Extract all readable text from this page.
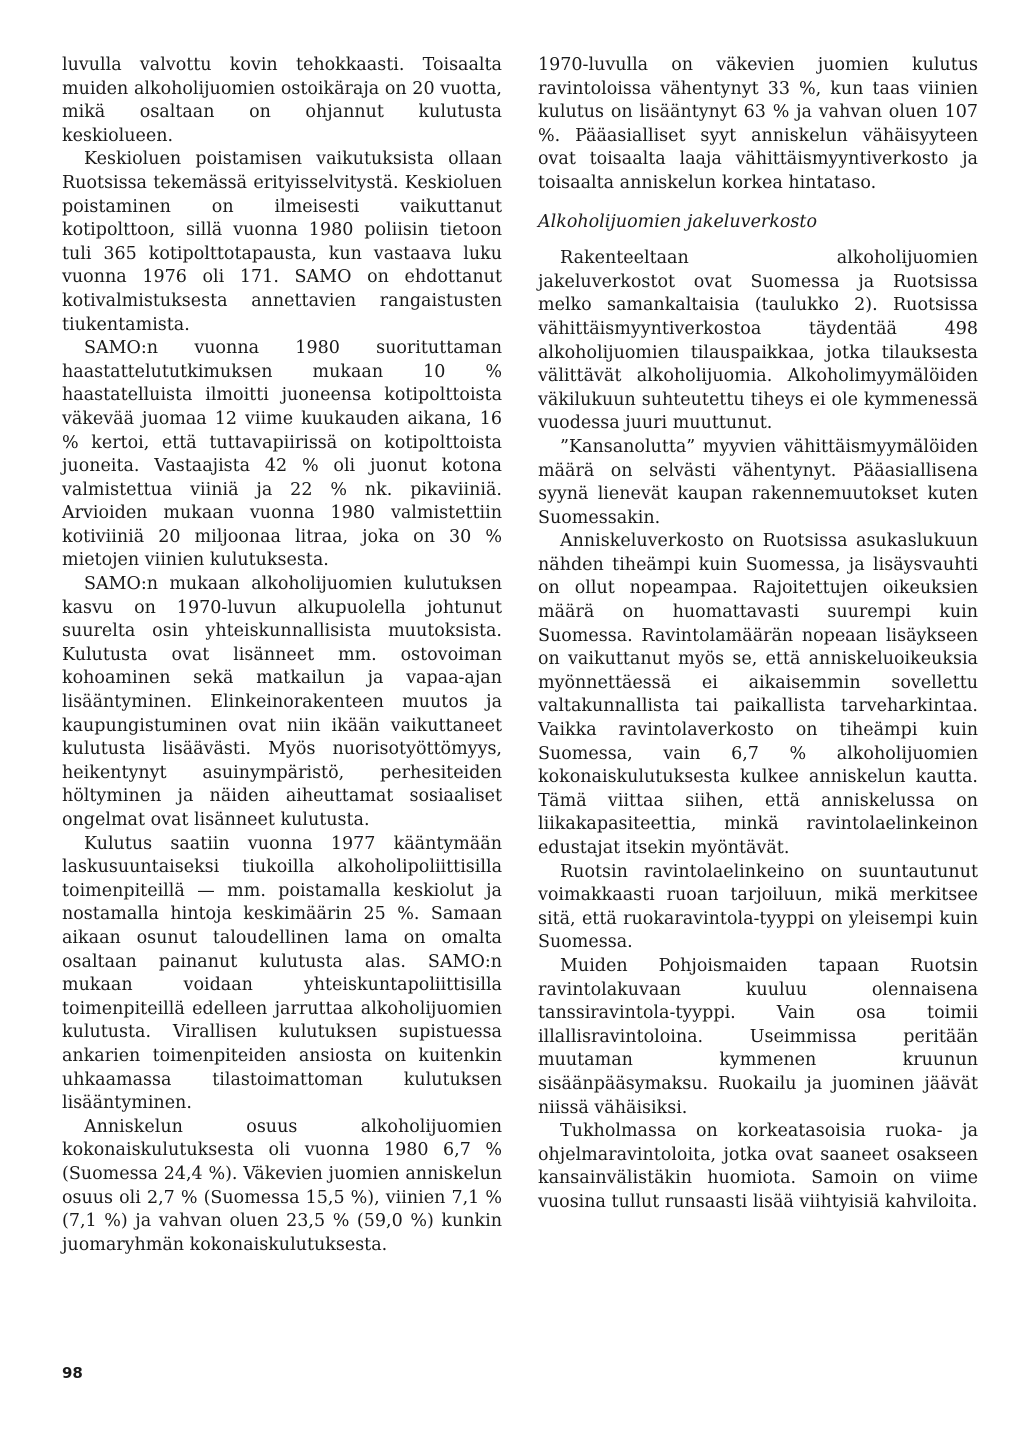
luvulla valvottu kovin tehokkaasti. Toisaalta muiden alkoholijuomien ostoikäraja on 20 vuotta, mikä osaltaan on ohjannut kulutusta keskiolueen.

Keskioluen poistamisen vaikutuksista ollaan Ruotsissa tekemässä erityisselvitystä. Keskioluen poistaminen on ilmeisesti vaikuttanut kotipolttoon, sillä vuonna 1980 poliisin tietoon tuli 365 kotipolttotapausta, kun vastaava luku vuonna 1976 oli 171. SAMO on ehdottanut kotivalmistuksesta annettavien rangaistusten tiukentamista.

SAMO:n vuonna 1980 suorituttaman haastattelututkimuksen mukaan 10 % haastatelluista ilmoitti juoneensa kotipolttoista väkevää juomaa 12 viime kuukauden aikana, 16 % kertoi, että tuttavapiirissä on kotipolttoista juoneita. Vastaajista 42 % oli juonut kotona valmistettua viiniä ja 22 % nk. pikaviiniä. Arvioiden mukaan vuonna 1980 valmistettiin kotiviiniä 20 miljoonaa litraa, joka on 30 % mietojen viinien kulutuksesta.

SAMO:n mukaan alkoholijuomien kulutuksen kasvu on 1970-luvun alkupuolella johtunut suurelta osin yhteiskunnallisista muutoksista. Kulutusta ovat lisänneet mm. ostovoiman kohoaminen sekä matkailun ja vapaa-ajan lisääntyminen. Elinkeinorakenteen muutos ja kaupungistuminen ovat niin ikään vaikuttaneet kulutusta lisäävästi. Myös nuorisotyöttömyys, heikentynyt asuinympäristö, perhesiteiden höltyminen ja näiden aiheuttamat sosiaaliset ongelmat ovat lisänneet kulutusta.

Kulutus saatiin vuonna 1977 kääntymään laskusuuntaiseksi tiukoilla alkoholipoliittisilla toimenpiteillä — mm. poistamalla keskiolut ja nostamalla hintoja keskimäärin 25 %. Samaan aikaan osunut taloudellinen lama on omalta osaltaan painanut kulutusta alas. SAMO:n mukaan voidaan yhteiskuntapoliittisilla toimenpiteillä edelleen jarruttaa alkoholijuomien kulutusta. Virallisen kulutuksen supistuessa ankarien toimenpiteiden ansiosta on kuitenkin uhkaamassa tilastoimattoman kulutuksen lisääntyminen.

Anniskelun osuus alkoholijuomien kokonaiskulutuksesta oli vuonna 1980 6,7 % (Suomessa 24,4 %). Väkevien juomien anniskelun osuus oli 2,7 % (Suomessa 15,5 %), viinien 7,1 % (7,1 %) ja vahvan oluen 23,5 % (59,0 %) kunkin juomaryhmän kokonaiskulutuksesta.

1970-luvulla on väkevien juomien kulutus ravintoloissa vähentynyt 33 %, kun taas viinien kulutus on lisääntynyt 63 % ja vahvan oluen 107 %. Pääasialliset syyt anniskelun vähäisyyteen ovat toisaalta laaja vähittäismyyntiverkosto ja toisaalta anniskelun korkea hintataso.

Alkoholijuomien jakeluverkosto

Rakenteeltaan alkoholijuomien jakeluverkostot ovat Suomessa ja Ruotsissa melko samankaltaisia (taulukko 2). Ruotsissa vähittäismyyntiverkostoa täydentää 498 alkoholijuomien tilauspaikkaa, jotka tilauksesta välittävät alkoholijuomia. Alkoholimyymälöiden väkilukuun suhteutettu tiheys ei ole kymmenessä vuodessa juuri muuttunut.

”Kansanolutta” myyvien vähittäismyymälöiden määrä on selvästi vähentynyt. Pääasiallisena syynä lienevät kaupan rakennemuutokset kuten Suomessakin.

Anniskeluverkosto on Ruotsissa asukaslukuun nähden tiheämpi kuin Suomessa, ja lisäysvauhti on ollut nopeampaa. Rajoitettujen oikeuksien määrä on huomattavasti suurempi kuin Suomessa. Ravintolamäärän nopeaan lisäykseen on vaikuttanut myös se, että anniskeluoikeuksia myönnettäessä ei aikaisemmin sovellettu valtakunnallista tai paikallista tarveharkintaa. Vaikka ravintolaverkosto on tiheämpi kuin Suomessa, vain 6,7 % alkoholijuomien kokonaiskulutuksesta kulkee anniskelun kautta. Tämä viittaa siihen, että anniskelussa on liikakapasiteettia, minkä ravintolaelinkeinon edustajat itsekin myöntävät.

Ruotsin ravintolaelinkeino on suuntautunut voimakkaasti ruoan tarjoiluun, mikä merkitsee sitä, että ruokaravintola-tyyppi on yleisempi kuin Suomessa.

Muiden Pohjoismaiden tapaan Ruotsin ravintolakuvaan kuuluu olennaisena tanssiravintola-tyyppi. Vain osa toimii illallisravintoloina. Useimmissa peritään muutaman kymmenen kruunun sisäänpääsymaksu. Ruokailu ja juominen jäävät niissä vähäisiksi.

Tukholmassa on korkeatasoisia ruoka- ja ohjelmaravintoloita, jotka ovat saaneet osakseen kansainvälistäkin huomiota. Samoin on viime vuosina tullut runsaasti lisää viihtyisiä kahviloita.

98
